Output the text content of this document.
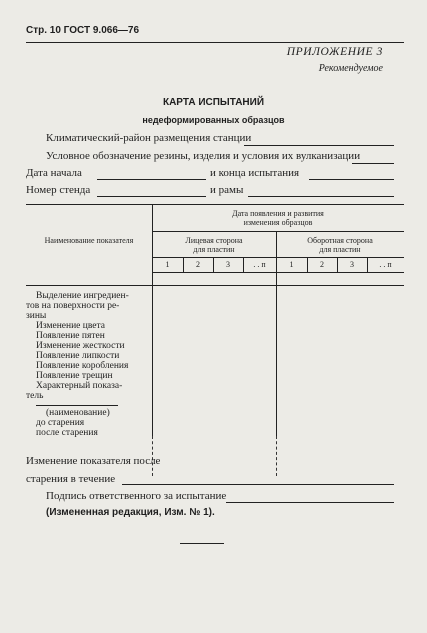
Стр. 10 ГОСТ 9.066—76
ПРИЛОЖЕНИЕ 3
Рекомендуемое
КАРТА ИСПЫТАНИЙ
недеформированных образцов
Климатический-район размещения станции
Условное обозначение резины, изделия и условия их вулканизации
Дата начала	и конца испытания
Номер стенда	и рамы
Наименование показателя
Дата появления и развития
изменения образцов
Лицевая сторона
для пластин
Оборотная сторона
для пластин
1	2	3	. . п	1	2	3	. . п
Выделение ингредиен-
тов на поверхности ре-
зины
Изменение цвета
Появление пятен
Изменение жесткости
Появление липкости
Появление коробления
Появление трещин
Характерный показа-
тель
(наименование)
до старения
после старения
Изменение показателя после
старения в течение
Подпись ответственного за испытание
(Измененная редакция, Изм. № 1).
